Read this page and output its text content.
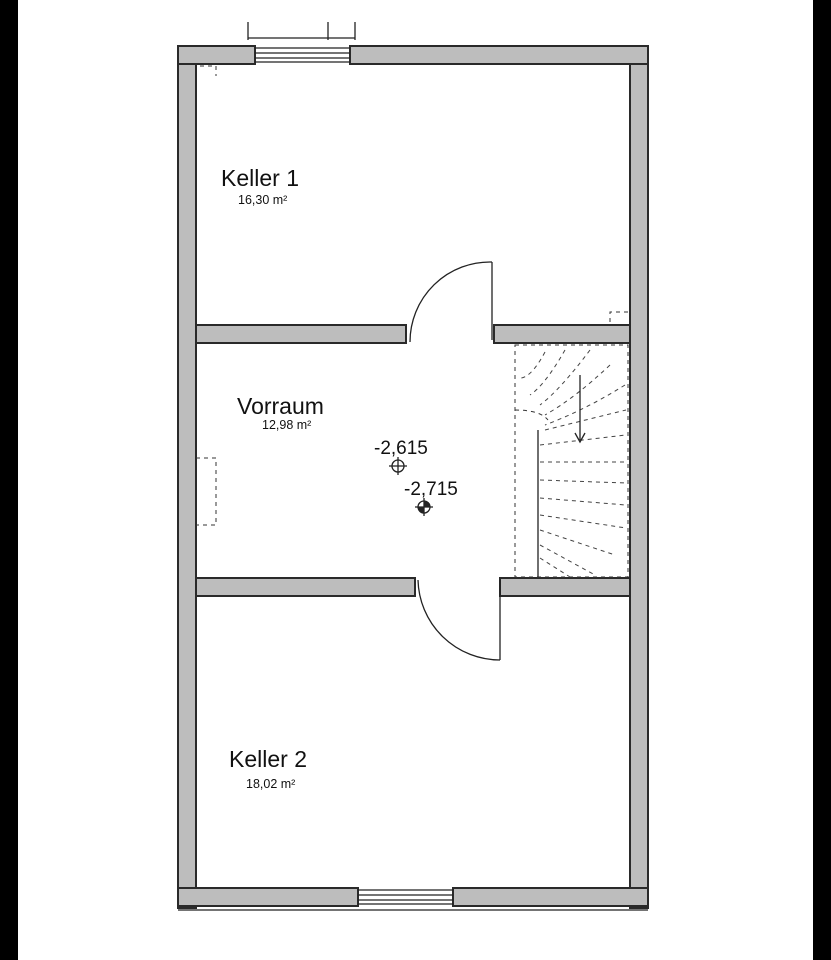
Keller 1
16,30 m²
Vorraum
12,98 m²
Keller 2
18,02 m²
-2,615
-2,715
